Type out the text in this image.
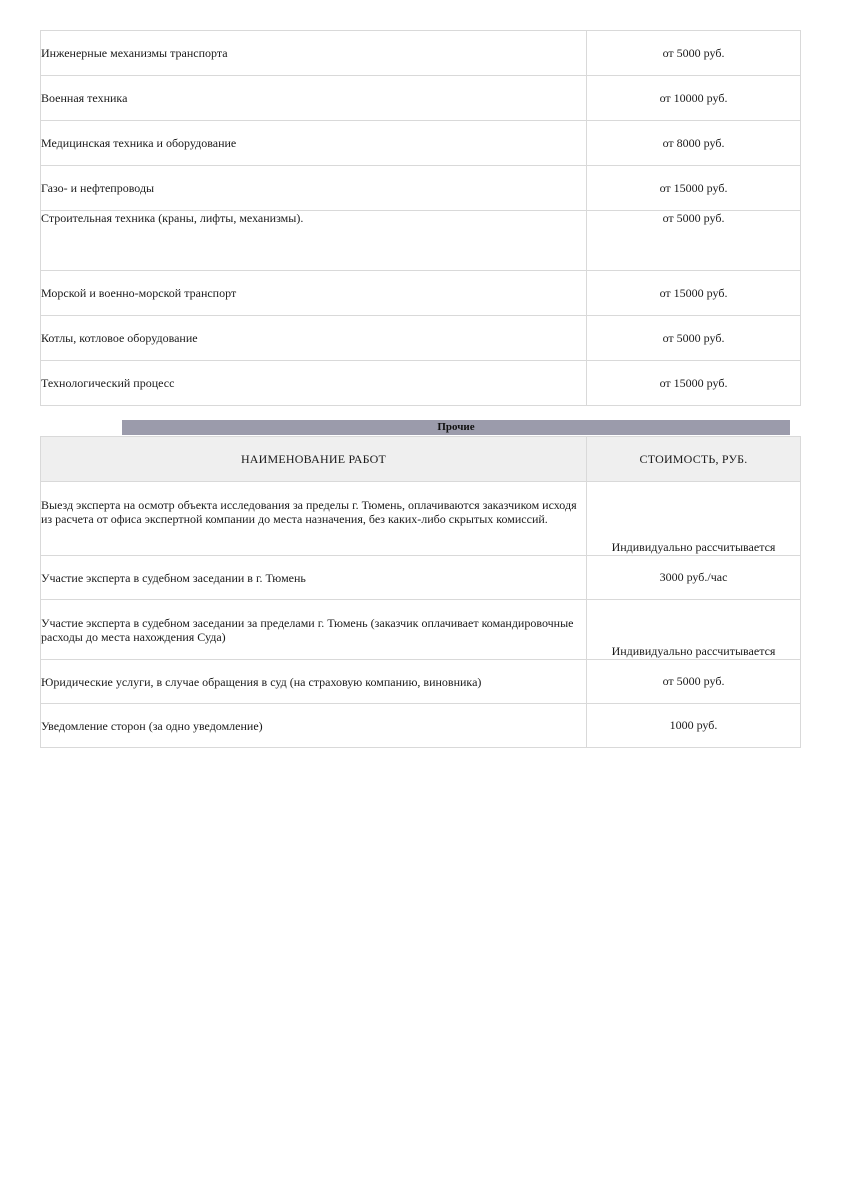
Инженерные механизмы транспорта	от 5000 руб.
Военная техника	от 10000 руб.
Медицинская техника и оборудование	от 8000 руб.
Газо- и нефтепроводы	от 15000 руб.
Строительная техника (краны, лифты, механизмы).	от 5000 руб.
Морской и военно-морской транспорт	от 15000 руб.
Котлы, котловое оборудование	от 5000 руб.
Технологический процесс	от 15000 руб.
Прочие
НАИМЕНОВАНИЕ РАБОТ	СТОИМОСТЬ, РУБ.
Выезд эксперта на осмотр объекта исследования за пределы г. Тюмень, оплачиваются заказчиком исходя из расчета от офиса экспертной компании до места назначения, без каких-либо скрытых комиссий.	Индивидуально рассчитывается
Участие эксперта в судебном заседании в г. Тюмень	3000 руб./час
Участие эксперта в судебном заседании за пределами г. Тюмень (заказчик оплачивает командировочные расходы до места нахождения Суда)	Индивидуально рассчитывается
Юридические услуги, в случае обращения в суд (на страховую компанию, виновника)	от 5000 руб.
Уведомление сторон (за одно уведомление)	1000 руб.
